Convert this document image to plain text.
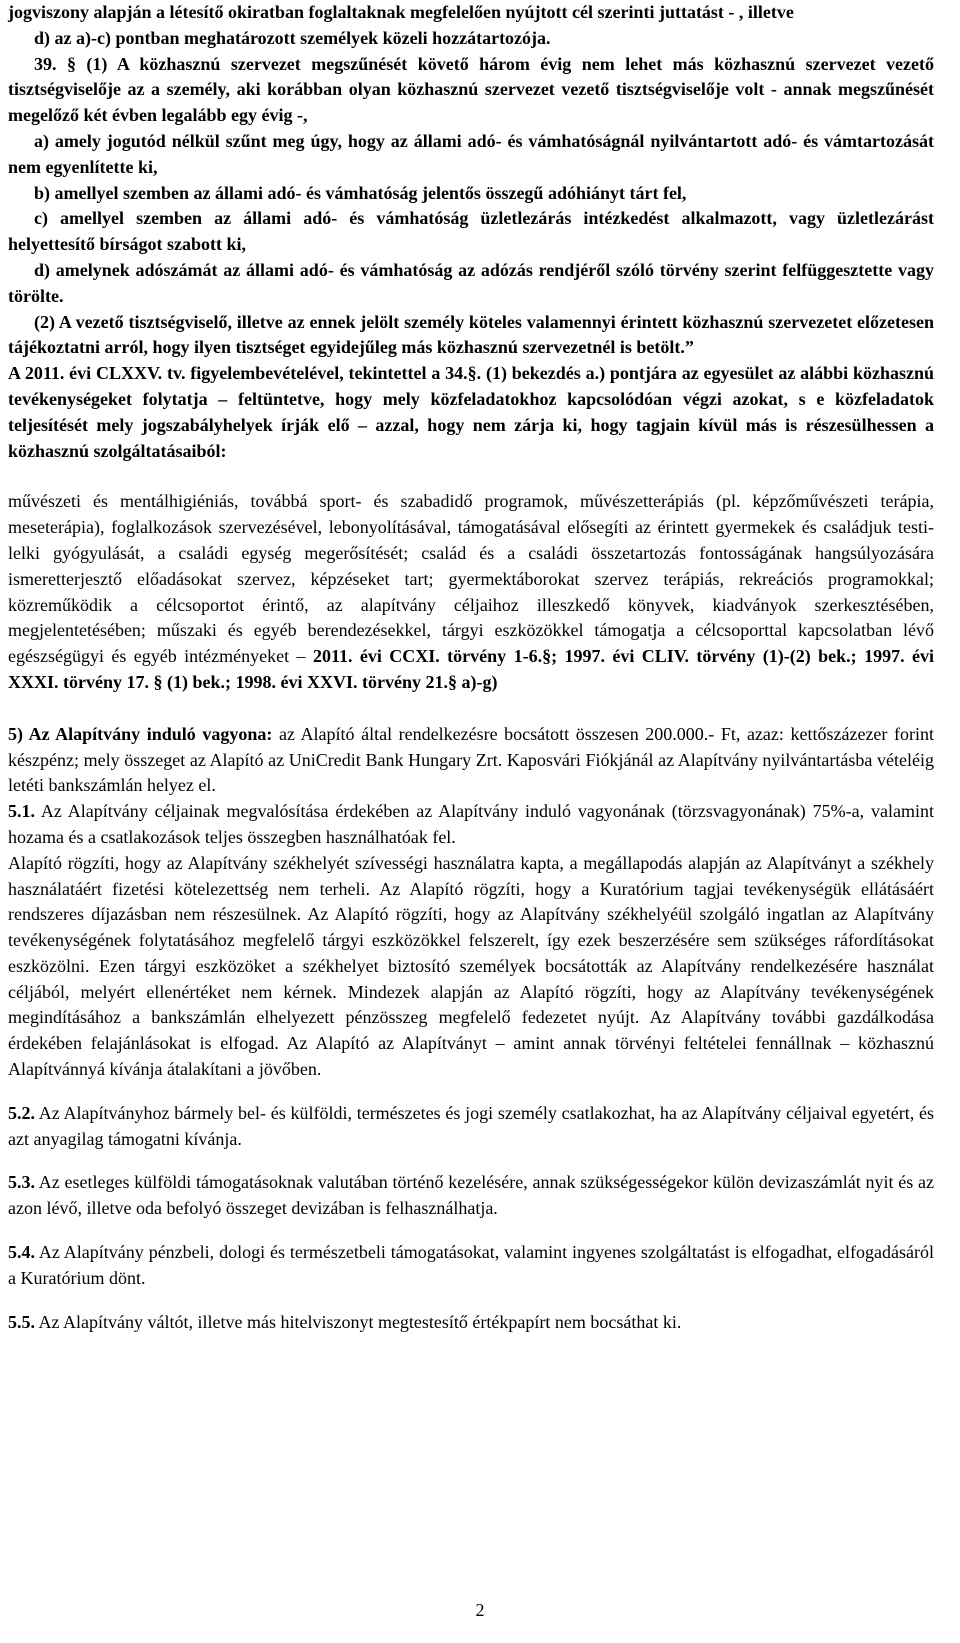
jogviszony alapján a létesítő okiratban foglaltaknak megfelelően nyújtott cél szerinti juttatást - , illetve

d) az a)-c) pontban meghatározott személyek közeli hozzátartozója.

39. § (1) A közhasznú szervezet megszűnését követő három évig nem lehet más közhasznú szervezet vezető tisztségviselője az a személy, aki korábban olyan közhasznú szervezet vezető tisztségviselője volt - annak megszűnését megelőző két évben legalább egy évig -,

a) amely jogutód nélkül szűnt meg úgy, hogy az állami adó- és vámhatóságnál nyilvántartott adó- és vámtartozását nem egyenlítette ki,

b) amellyel szemben az állami adó- és vámhatóság jelentős összegű adóhiányt tárt fel,

c) amellyel szemben az állami adó- és vámhatóság üzletlezárás intézkedést alkalmazott, vagy üzletlezárást helyettesítő bírságot szabott ki,

d) amelynek adószámát az állami adó- és vámhatóság az adózás rendjéről szóló törvény szerint felfüggesztette vagy törölte.

(2) A vezető tisztségviselő, illetve az ennek jelölt személy köteles valamennyi érintett közhasznú szervezetet előzetesen tájékoztatni arról, hogy ilyen tisztséget egyidejűleg más közhasznú szervezetnél is betölt.”

A 2011. évi CLXXV. tv. figyelembevételével, tekintettel a 34.§. (1) bekezdés a.) pontjára az egyesület az alábbi közhasznú tevékenységeket folytatja – feltüntetve, hogy mely közfeladatokhoz kapcsolódóan végzi azokat, s e közfeladatok teljesítését mely jogszabályhelyek írják elő – azzal, hogy nem zárja ki, hogy tagjain kívül más is részesülhessen a közhasznú szolgáltatásaiból:

művészeti és mentálhigiéniás, továbbá sport- és szabadidő programok, művészetterápiás (pl. képzőművészeti terápia, meseterápia), foglalkozások szervezésével, lebonyolításával, támogatásával elősegíti az érintett gyermekek és családjuk testi-lelki gyógyulását, a családi egység megerősítését; család és a családi összetartozás fontosságának hangsúlyozására ismeretterjesztő előadásokat szervez, képzéseket tart; gyermektáborokat szervez terápiás, rekreációs programokkal; közreműködik a célcsoportot érintő, az alapítvány céljaihoz illeszkedő könyvek, kiadványok szerkesztésében, megjelentetésében; műszaki és egyéb berendezésekkel, tárgyi eszközökkel támogatja a célcsoporttal kapcsolatban lévő egészségügyi és egyéb intézményeket – 2011. évi CCXI. törvény 1-6.§; 1997. évi CLIV. törvény (1)-(2) bek.; 1997. évi XXXI. törvény 17. § (1) bek.; 1998. évi XXVI. törvény 21.§ a)-g)

5) Az Alapítvány induló vagyona: az Alapító által rendelkezésre bocsátott összesen 200.000.- Ft, azaz: kettőszázezer forint készpénz; mely összeget az Alapító az UniCredit Bank Hungary Zrt. Kaposvári Fiókjánál az Alapítvány nyilvántartásba vételéig letéti bankszámlán helyez el.

5.1. Az Alapítvány céljainak megvalósítása érdekében az Alapítvány induló vagyonának (törzsvagyonának) 75%-a, valamint hozama és a csatlakozások teljes összegben használhatóak fel.

Alapító rögzíti, hogy az Alapítvány székhelyét szívességi használatra kapta, a megállapodás alapján az Alapítványt a székhely használatáért fizetési kötelezettség nem terheli. Az Alapító rögzíti, hogy a Kuratórium tagjai tevékenységük ellátásáért rendszeres díjazásban nem részesülnek. Az Alapító rögzíti, hogy az Alapítvány székhelyéül szolgáló ingatlan az Alapítvány tevékenységének folytatásához megfelelő tárgyi eszközökkel felszerelt, így ezek beszerzésére sem szükséges ráfordításokat eszközölni. Ezen tárgyi eszközöket a székhelyet biztosító személyek bocsátották az Alapítvány rendelkezésére használat céljából, melyért ellenértéket nem kérnek. Mindezek alapján az Alapító rögzíti, hogy az Alapítvány tevékenységének megindításához a bankszámlán elhelyezett pénzösszeg megfelelő fedezetet nyújt. Az Alapítvány további gazdálkodása érdekében felajánlásokat is elfogad. Az Alapító az Alapítványt – amint annak törvényi feltételei fennállnak – közhasznú Alapítvánnyá kívánja átalakítani a jövőben.

5.2. Az Alapítványhoz bármely bel- és külföldi, természetes és jogi személy csatlakozhat, ha az Alapítvány céljaival egyetért, és azt anyagilag támogatni kívánja.

5.3. Az esetleges külföldi támogatásoknak valutában történő kezelésére, annak szükségességekor külön devizaszámlát nyit és az azon lévő, illetve oda befolyó összeget devizában is felhasználhatja.

5.4. Az Alapítvány pénzbeli, dologi és természetbeli támogatásokat, valamint ingyenes szolgáltatást is elfogadhat, elfogadásáról a Kuratórium dönt.

5.5. Az Alapítvány váltót, illetve más hitelviszonyt megtestesítő értékpapírt nem bocsáthat ki.

2
